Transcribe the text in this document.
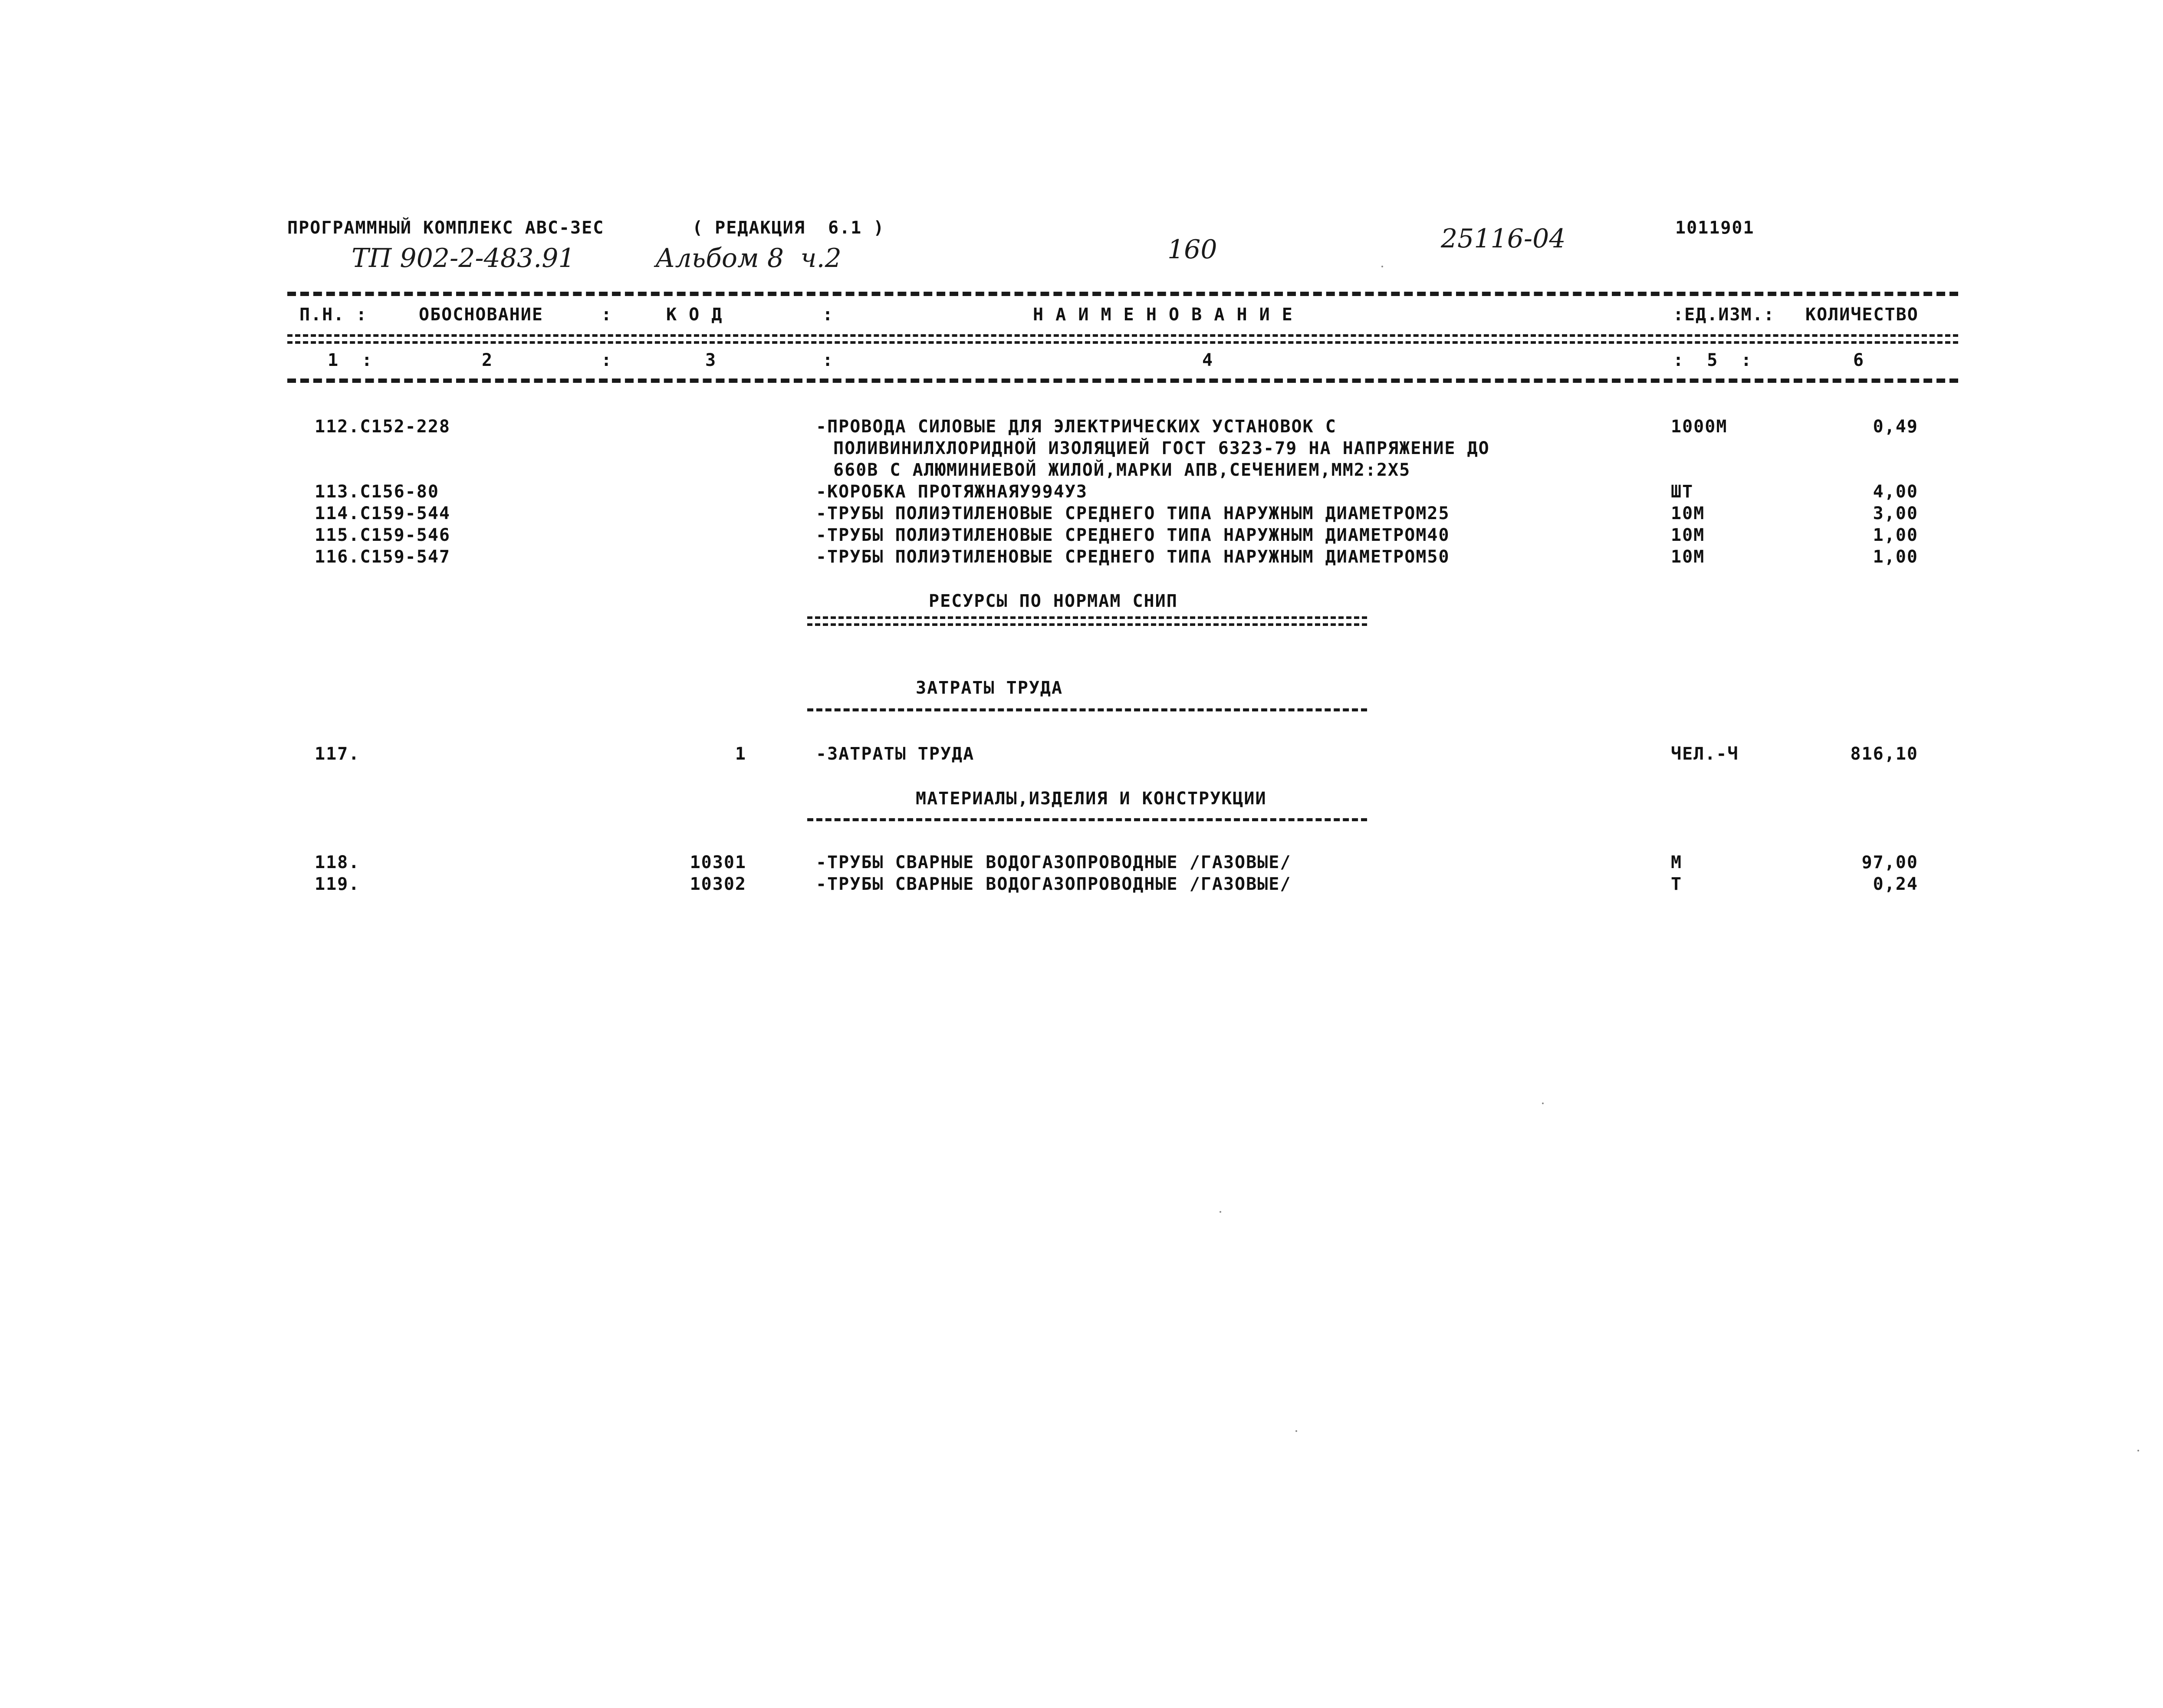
ПРОГРАММНЫЙ КОМПЛЕКС АВС-3ЕС	( РЕДАКЦИЯ  6.1 )	1011901
ТП 902-2-483.91	Альбом 8  ч.2	160	25116-04
П.Н. :	ОБОСНОВАНИЕ	:	К О Д	:	Н А И М Е Н О В А Н И Е	:ЕД.ИЗМ.: КОЛИЧЕСТВО
1  :	2	:	3	:	4	:  5  :	6
112.С152-228	-ПРОВОДА СИЛОВЫЕ ДЛЯ ЭЛЕКТРИЧЕСКИХ УСТАНОВОК С
ПОЛИВИНИЛХЛОРИДНОЙ ИЗОЛЯЦИЕЙ ГОСТ 6323-79 НА НАПРЯЖЕНИЕ ДО
660В С АЛЮМИНИЕВОЙ ЖИЛОЙ,МАРКИ АПВ,СЕЧЕНИЕМ,ММ2:2Х5
1000М	0,49
113.С156-80	-КОРОБКА ПРОТЯЖНАЯУ994У3	ШТ	4,00
114.С159-544	-ТРУБЫ ПОЛИЭТИЛЕНОВЫЕ СРЕДНЕГО ТИПА НАРУЖНЫМ ДИАМЕТРОМ25	10М	3,00
115.С159-546	-ТРУБЫ ПОЛИЭТИЛЕНОВЫЕ СРЕДНЕГО ТИПА НАРУЖНЫМ ДИАМЕТРОМ40	10М	1,00
116.С159-547	-ТРУБЫ ПОЛИЭТИЛЕНОВЫЕ СРЕДНЕГО ТИПА НАРУЖНЫМ ДИАМЕТРОМ50	10М	1,00
РЕСУРСЫ ПО НОРМАМ СНИП
ЗАТРАТЫ ТРУДА
117.	1	-ЗАТРАТЫ ТРУДА	ЧЕЛ.-Ч	816,10
МАТЕРИАЛЫ,ИЗДЕЛИЯ И КОНСТРУКЦИИ
118.	10301	-ТРУБЫ СВАРНЫЕ ВОДОГАЗОПРОВОДНЫЕ /ГАЗОВЫЕ/	М	97,00
119.	10302	-ТРУБЫ СВАРНЫЕ ВОДОГАЗОПРОВОДНЫЕ /ГАЗОВЫЕ/	Т	0,24
